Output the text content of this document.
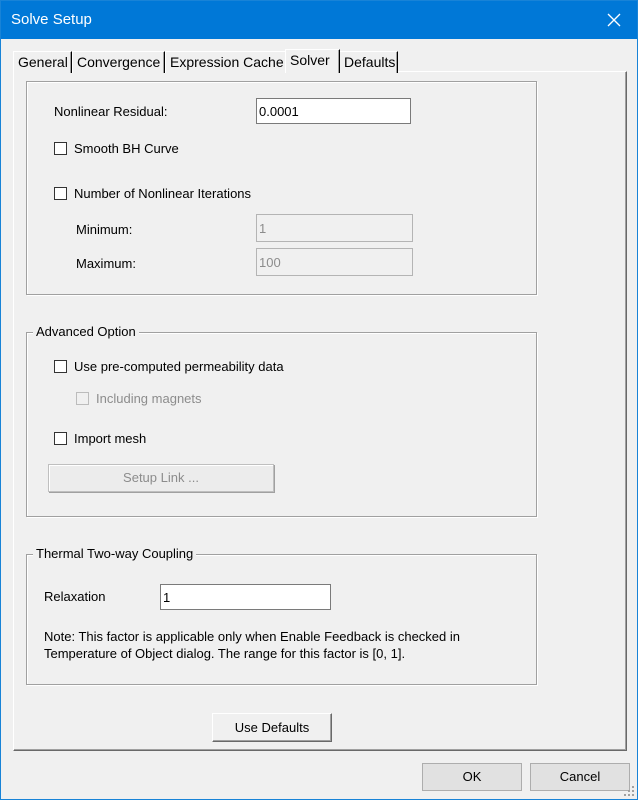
Solve Setup
General Convergence Expression Cache Solver	Defaults
Nonlinear Residual:
0.0001
Smooth BH Curve
Number of Nonlinear Iterations
Minimum:
1
Maximum:
100
Advanced Option
Use pre-computed permeability data
Including magnets
Import mesh
Setup Link ...
Thermal Two-way Coupling
Relaxation
1
Note: This factor is applicable only when Enable Feedback is checked in
Temperature of Object dialog. The range for this factor is [0, 1].
Use Defaults
OK	Cancel
